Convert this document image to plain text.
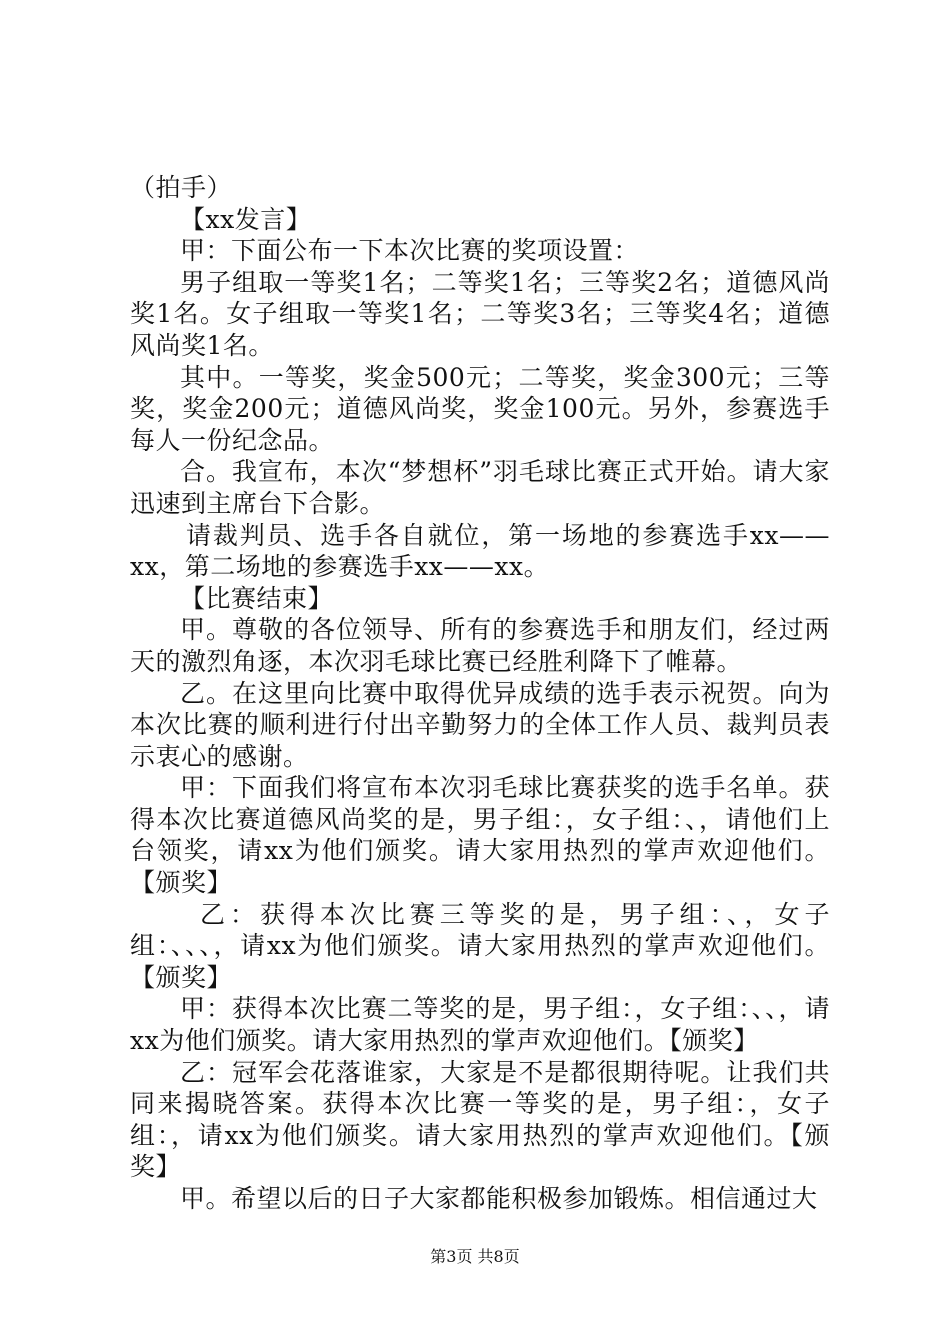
（拍手）

【xx发言】

甲：下面公布一下本次比赛的奖项设置：

男子组取一等奖1名；二等奖1名；三等奖2名；道德风尚奖1名。女子组取一等奖1名；二等奖3名；三等奖4名；道德风尚奖1名。

其中。一等奖，奖金500元；二等奖，奖金300元；三等奖，奖金200元；道德风尚奖，奖金100元。另外，参赛选手每人一份纪念品。

合。我宣布，本次“梦想杯”羽毛球比赛正式开始。请大家迅速到主席台下合影。

请裁判员、选手各自就位，第一场地的参赛选手xx——xx，第二场地的参赛选手xx——xx。

【比赛结束】

甲。尊敬的各位领导、所有的参赛选手和朋友们，经过两天的激烈角逐，本次羽毛球比赛已经胜利降下了帷幕。

乙。在这里向比赛中取得优异成绩的选手表示祝贺。向为本次比赛的顺利进行付出辛勤努力的全体工作人员、裁判员表示衷心的感谢。

甲：下面我们将宣布本次羽毛球比赛获奖的选手名单。获得本次比赛道德风尚奖的是，男子组：，女子组：、，请他们上台领奖，请xx为他们颁奖。请大家用热烈的掌声欢迎他们。【颁奖】

乙：获得本次比赛三等奖的是，男子组：、，女子组：、、、，请xx为他们颁奖。请大家用热烈的掌声欢迎他们。【颁奖】

甲：获得本次比赛二等奖的是，男子组：，女子组：、、，请xx为他们颁奖。请大家用热烈的掌声欢迎他们。【颁奖】

乙：冠军会花落谁家，大家是不是都很期待呢。让我们共同来揭晓答案。获得本次比赛一等奖的是，男子组：，女子组：，请xx为他们颁奖。请大家用热烈的掌声欢迎他们。【颁奖】

甲。希望以后的日子大家都能积极参加锻炼。相信通过大

第3页 共8页
